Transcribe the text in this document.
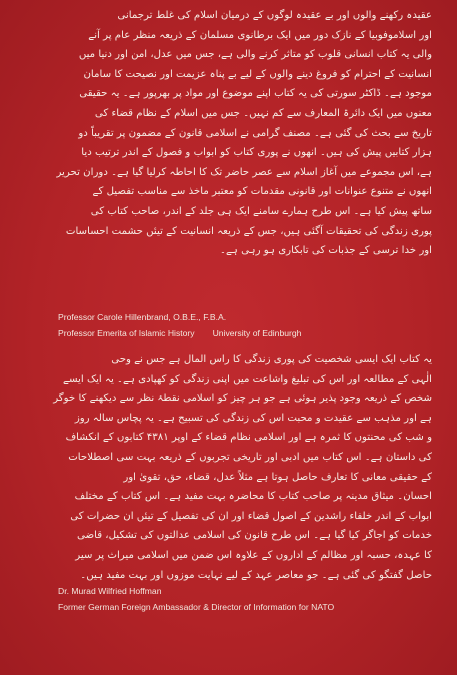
عقیدہ رکھنے والوں اور بے عقیدہ لوگوں کے درمیان اسلام کی غلط ترجمانی

اور اسلاموفوبیا کے نازک دور میں ایک برطانوی مسلمان کے ذریعہ منظر عام پر آنے

والی یہ کتاب انسانی قلوب کو متاثر کرنے والی ہے، جس میں عدل، امن اور دنیا میں

انسانیت کے احترام کو فروغ دینے والوں کے لیے بے پناہ عزیمت اور نصیحت کا سامان

موجود ہے۔ ڈاکٹر سورتی کی یہ کتاب اپنے موضوع اور مواد پر بھرپور ہے۔ یہ حقیقی

معنوں میں ایک دائرۃ المعارف سے کم نہیں۔ جس میں اسلام کے نظام قضاء کی

تاریخ سے بحث کی گئی ہے۔ مصنف گرامی نے اسلامی قانون کے مضمون پر تقریباً دو

ہزار کتابیں پیش کی ہیں۔ انھوں نے پوری کتاب کو ابواب و فصول کے اندر ترتیب دیا

ہے، اس مجموعے میں آغاز اسلام سے عصر حاضر تک کا احاطہ کرلیا گیا ہے۔ دوران تحریر

انھوں نے متنوع عنوانات اور قانونی مقدمات کو معتبر ماخذ سے مناسب تفصیل کے

ساتھ پیش کیا ہے۔ اس طرح ہمارے سامنے ایک ہی جلد کے اندر، صاحب کتاب کی

پوری زندگی کی تحقیقات آگئی ہیں، جس کے ذریعہ انسانیت کے تیئں حشمت احساسات

اور خدا ترسی کے جذبات کی تابکاری ہو رہی ہے۔

Professor Carole Hillenbrand, O.B.E., F.B.A.
Professor Emerita of Islamic History University of Edinburgh

یہ کتاب ایک ایسی شخصیت کی پوری زندگی کا راس المال ہے جس نے وحی

الٰہی کے مطالعہ اور اس کی تبلیغ واشاعت میں اپنی زندگی کو کھپادی ہے۔ یہ ایک ایسے

شخص کے ذریعہ وجود پذیر ہوئی ہے جو ہر چیز کو اسلامی نقطۂ نظر سے دیکھنے کا خوگر

ہے اور مذہب سے عقیدت و محبت اس کی زندگی کی تسبیح ہے۔ یہ پچاس سالہ روز

و شب کی محنتوں کا ثمرہ ہے اور اسلامی نظام قضاء کے اوپر ۴۳۸۱ کتابوں کے انکشاف

کی داستان ہے۔ اس کتاب میں ادبی اور تاریخی تجربوں کے ذریعہ بہت سی اصطلاحات

کے حقیقی معانی کا تعارف حاصل ہوتا ہے مثلاً عدل، قضاء، حق، تقویٰ اور

احسان۔ میثاق مدینہ پر صاحب کتاب کا محاضرہ بہت مفید ہے۔ اس کتاب کے مختلف

ابواب کے اندر خلفاء راشدین کے اصول قضاء اور ان کی تفصیل کے تیئں ان حضرات کی

خدمات کو اجاگر کیا گیا ہے۔ اس طرح قانون کی اسلامی عدالتوں کی تشکیل، قاضی

کا عہدہ، حسبہ اور مظالم کے اداروں کے علاوہ اس ضمن میں اسلامی میراث پر سیر

حاصل گفتگو کی گئی ہے۔ جو معاصر عہد کے لیے نہایت موزوں اور بہت مفید ہیں۔

Dr. Murad Wilfried Hoffman
Former German Foreign Ambassador & Director of Information for NATO
